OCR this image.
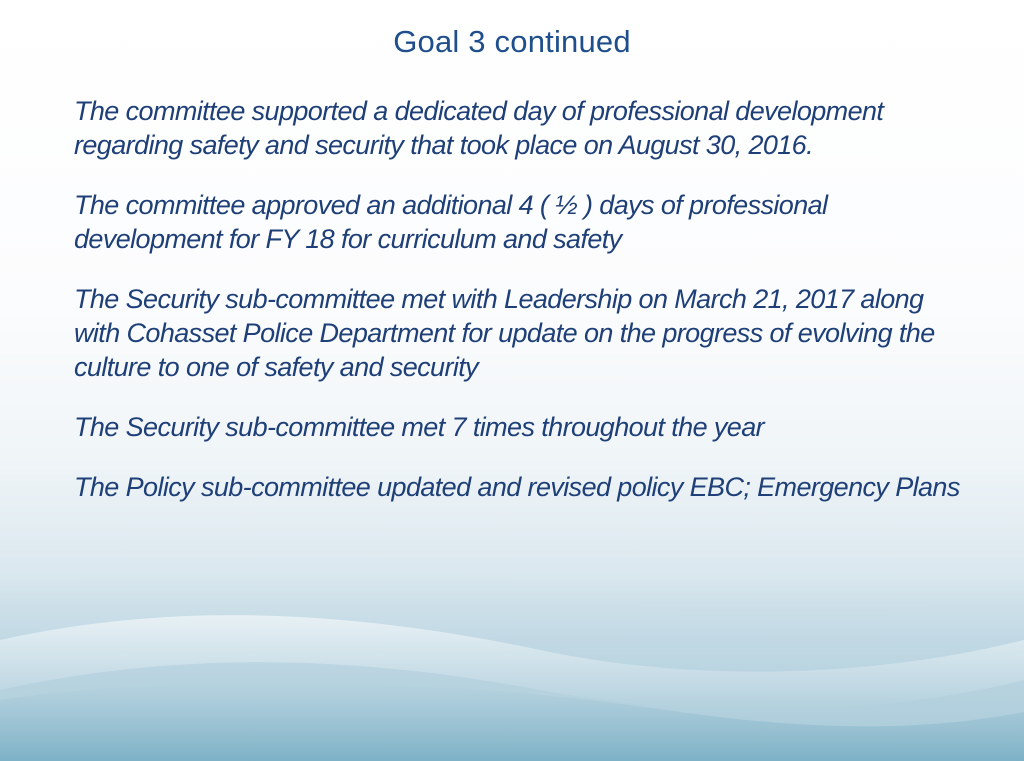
Goal 3 continued

The committee supported a dedicated day of professional development regarding safety and security that took place on August 30, 2016.

The committee approved an additional 4 ( ½ ) days of professional development for FY 18 for curriculum and safety

The Security sub-committee met with Leadership on March 21, 2017 along with Cohasset Police Department for update on the progress of evolving the culture to one of safety and security

The Security sub-committee met 7 times throughout the year

The Policy sub-committee updated and revised policy EBC; Emergency Plans
